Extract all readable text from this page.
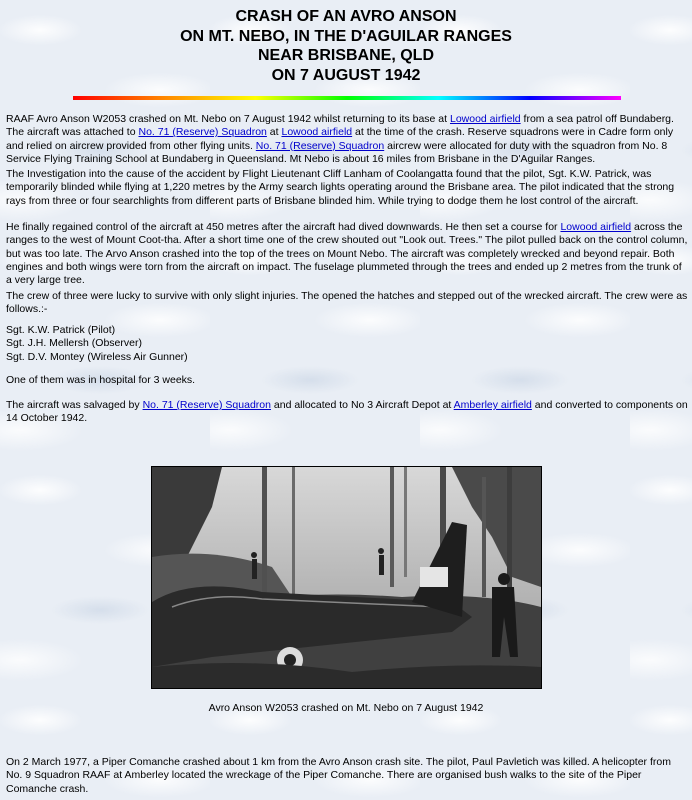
CRASH OF AN AVRO ANSON
ON MT. NEBO, IN THE D'AGUILAR RANGES
NEAR BRISBANE, QLD
ON 7 AUGUST 1942

RAAF Avro Anson W2053 crashed on Mt. Nebo on 7 August 1942 whilst returning to its base at Lowood airfield from a sea patrol off Bundaberg. The aircraft was attached to No. 71 (Reserve) Squadron at Lowood airfield at the time of the crash. Reserve squadrons were in Cadre form only and relied on aircrew provided from other flying units. No. 71 (Reserve) Squadron aircrew were allocated for duty with the squadron from No. 8 Service Flying Training School at Bundaberg in Queensland. Mt Nebo is about 16 miles from Brisbane in the D'Aguilar Ranges.

The Investigation into the cause of the accident by Flight Lieutenant Cliff Lanham of Coolangatta found that the pilot, Sgt. K.W. Patrick, was temporarily blinded while flying at 1,220 metres by the Army search lights operating around the Brisbane area. The pilot indicated that the strong rays from three or four searchlights from different parts of Brisbane blinded him. While trying to dodge them he lost control of the aircraft.

He finally regained control of the aircraft at 450 metres after the aircraft had dived downwards. He then set a course for Lowood airfield across the ranges to the west of Mount Coot-tha. After a short time one of the crew shouted out "Look out. Trees." The pilot pulled back on the control column, but was too late. The Arvo Anson crashed into the top of the trees on Mount Nebo. The aircraft was completely wrecked and beyond repair. Both engines and both wings were torn from the aircraft on impact. The fuselage plummeted through the trees and ended up 2 metres from the trunk of a very large tree.

The crew of three were lucky to survive with only slight injuries. The opened the hatches and stepped out of the wrecked aircraft. The crew were as follows.:-

Sgt. K.W. Patrick (Pilot)
Sgt. J.H. Mellersh (Observer)
Sgt. D.V. Montey (Wireless Air Gunner)

One of them was in hospital for 3 weeks.

The aircraft was salvaged by No. 71 (Reserve) Squadron and allocated to No 3 Aircraft Depot at Amberley airfield and converted to components on 14 October 1942.

Avro Anson W2053 crashed on Mt. Nebo on 7 August 1942

On 2 March 1977, a Piper Comanche crashed about 1 km from the Avro Anson crash site. The pilot, Paul Pavletich was killed. A helicopter from No. 9 Squadron RAAF at Amberley located the wreckage of the Piper Comanche. There are organised bush walks to the site of the Piper Comanche crash.
